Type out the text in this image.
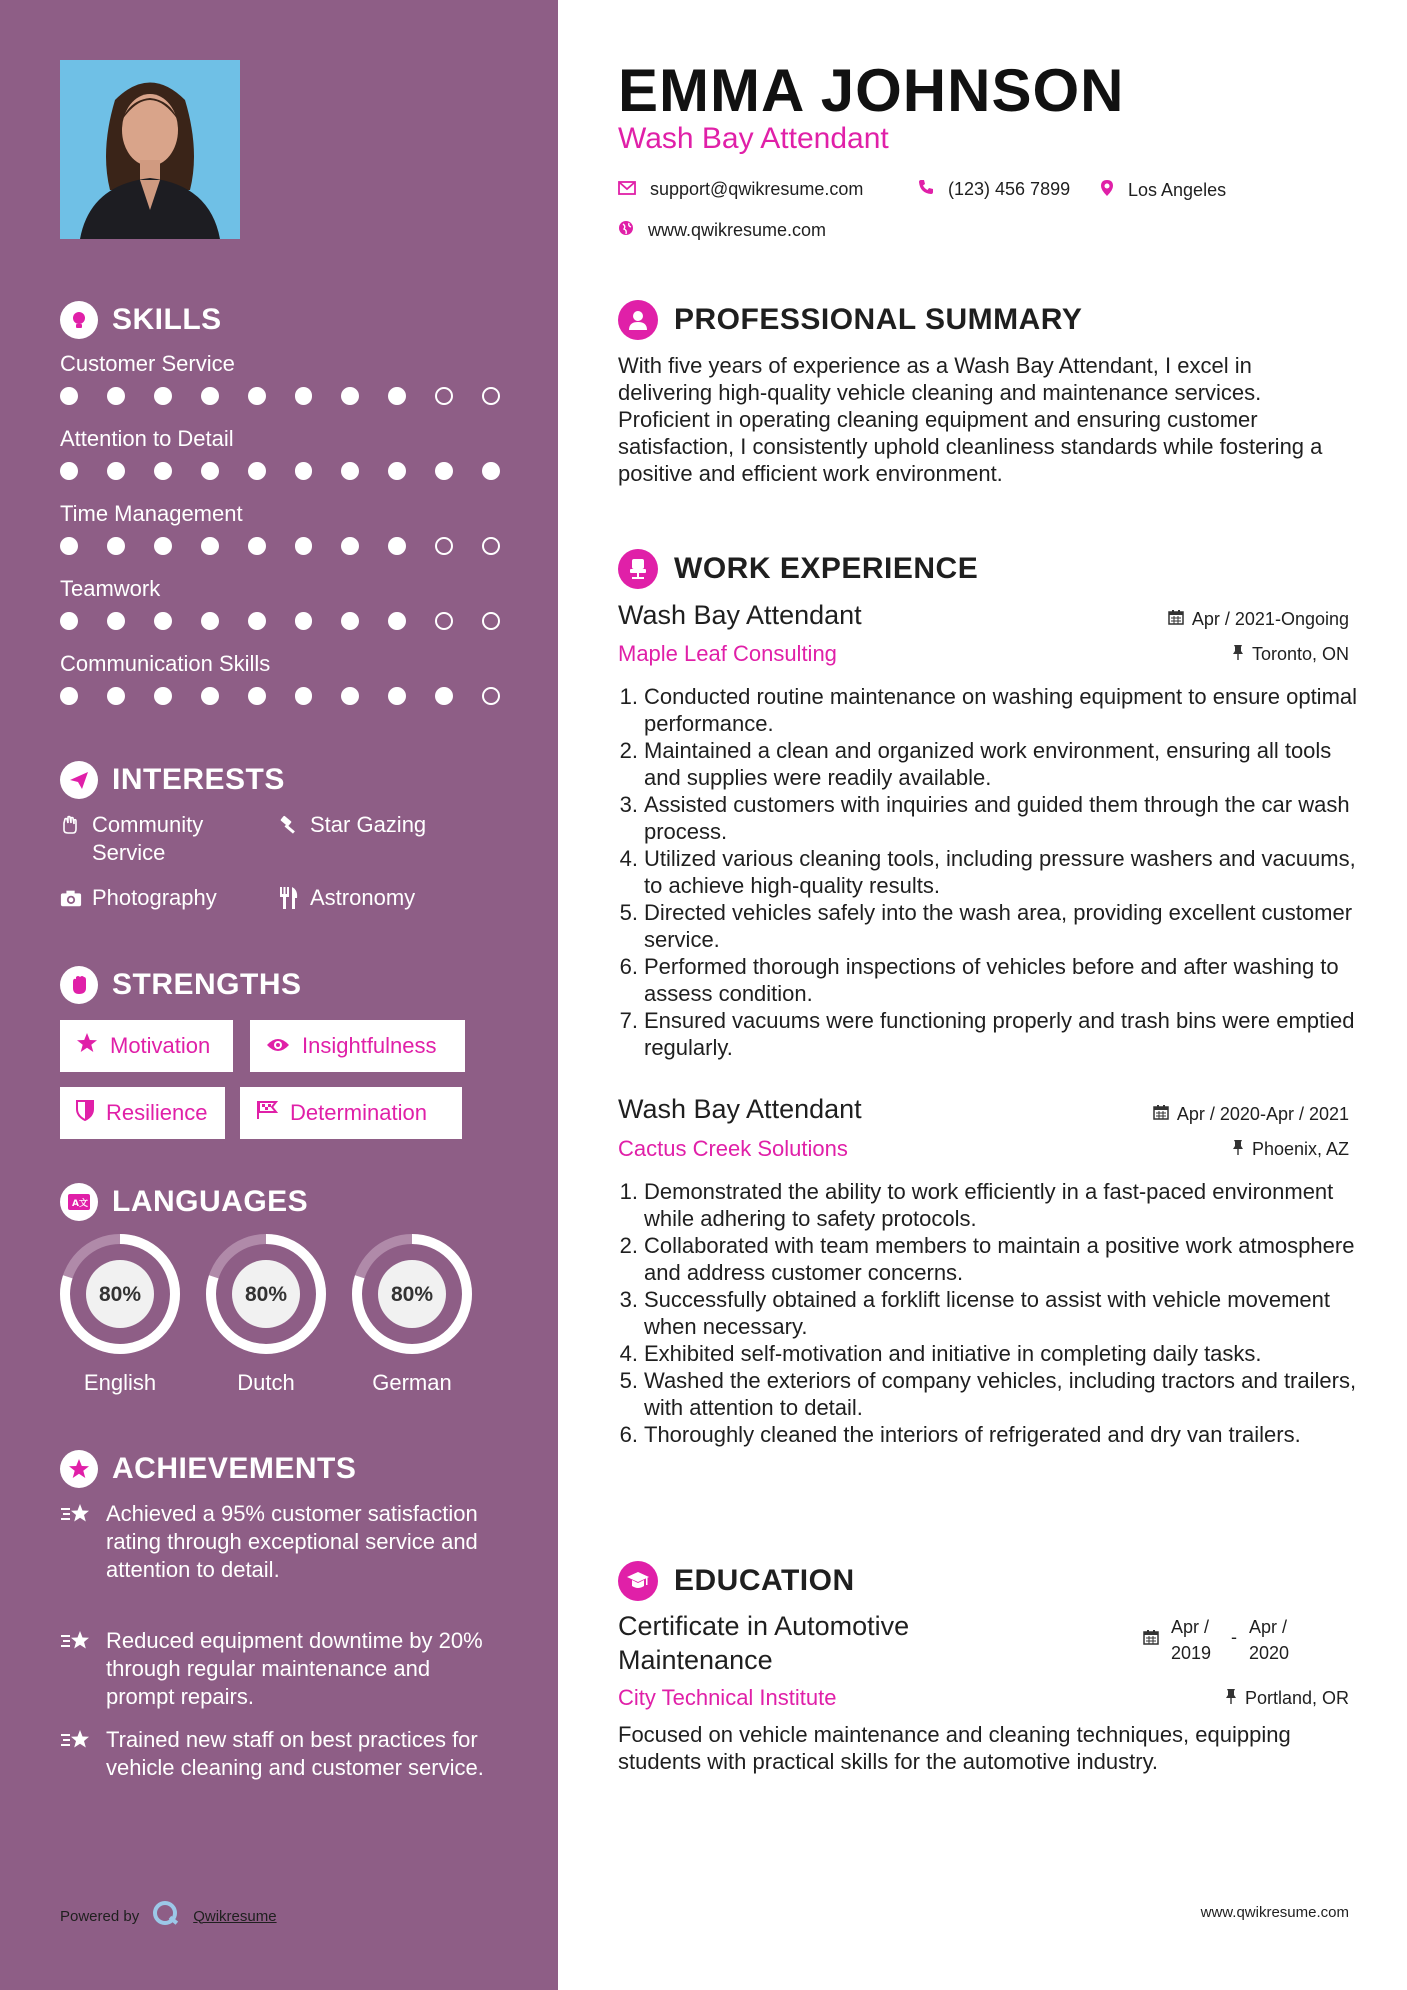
SKILLS
Customer Service
Attention to Detail
Time Management
Teamwork
Communication Skills
INTERESTS
Community Service
Star Gazing
Photography	Astronomy
STRENGTHS
Motivation	Insightfulness
Resilience	Determination
A文 LANGUAGES
80%
English
80%
Dutch
80%
German
ACHIEVEMENTS
Achieved a 95% customer satisfaction rating through exceptional service and attention to detail.
Reduced equipment downtime by 20% through regular maintenance and prompt repairs.
Trained new staff on best practices for vehicle cleaning and customer service.
Powered by	Qwikresume
EMMA JOHNSON
Wash Bay Attendant
support@qwikresume.com	(123) 456 7899	Los Angeles
www.qwikresume.com
PROFESSIONAL SUMMARY
With five years of experience as a Wash Bay Attendant, I excel in delivering high-quality vehicle cleaning and maintenance services. Proficient in operating cleaning equipment and ensuring customer satisfaction, I consistently uphold cleanliness standards while fostering a positive and efficient work environment.
WORK EXPERIENCE
Wash Bay Attendant	Apr / 2021-Ongoing
Maple Leaf Consulting	Toronto, ON
1. Conducted routine maintenance on washing equipment to ensure optimal performance.
2. Maintained a clean and organized work environment, ensuring all tools and supplies were readily available.
3. Assisted customers with inquiries and guided them through the car wash process.
4. Utilized various cleaning tools, including pressure washers and vacuums, to achieve high-quality results.
5. Directed vehicles safely into the wash area, providing excellent customer service.
6. Performed thorough inspections of vehicles before and after washing to assess condition.
7. Ensured vacuums were functioning properly and trash bins were emptied regularly.
Wash Bay Attendant	Apr / 2020-Apr / 2021
Cactus Creek Solutions	Phoenix, AZ
1. Demonstrated the ability to work efficiently in a fast-paced environment while adhering to safety protocols.
2. Collaborated with team members to maintain a positive work atmosphere and address customer concerns.
3. Successfully obtained a forklift license to assist with vehicle movement when necessary.
4. Exhibited self-motivation and initiative in completing daily tasks.
5. Washed the exteriors of company vehicles, including tractors and trailers, with attention to detail.
6. Thoroughly cleaned the interiors of refrigerated and dry van trailers.
EDUCATION
Certificate in Automotive Maintenance
Apr / 2019
- Apr / 2020
City Technical Institute	Portland, OR
Focused on vehicle maintenance and cleaning techniques, equipping students with practical skills for the automotive industry.
www.qwikresume.com
